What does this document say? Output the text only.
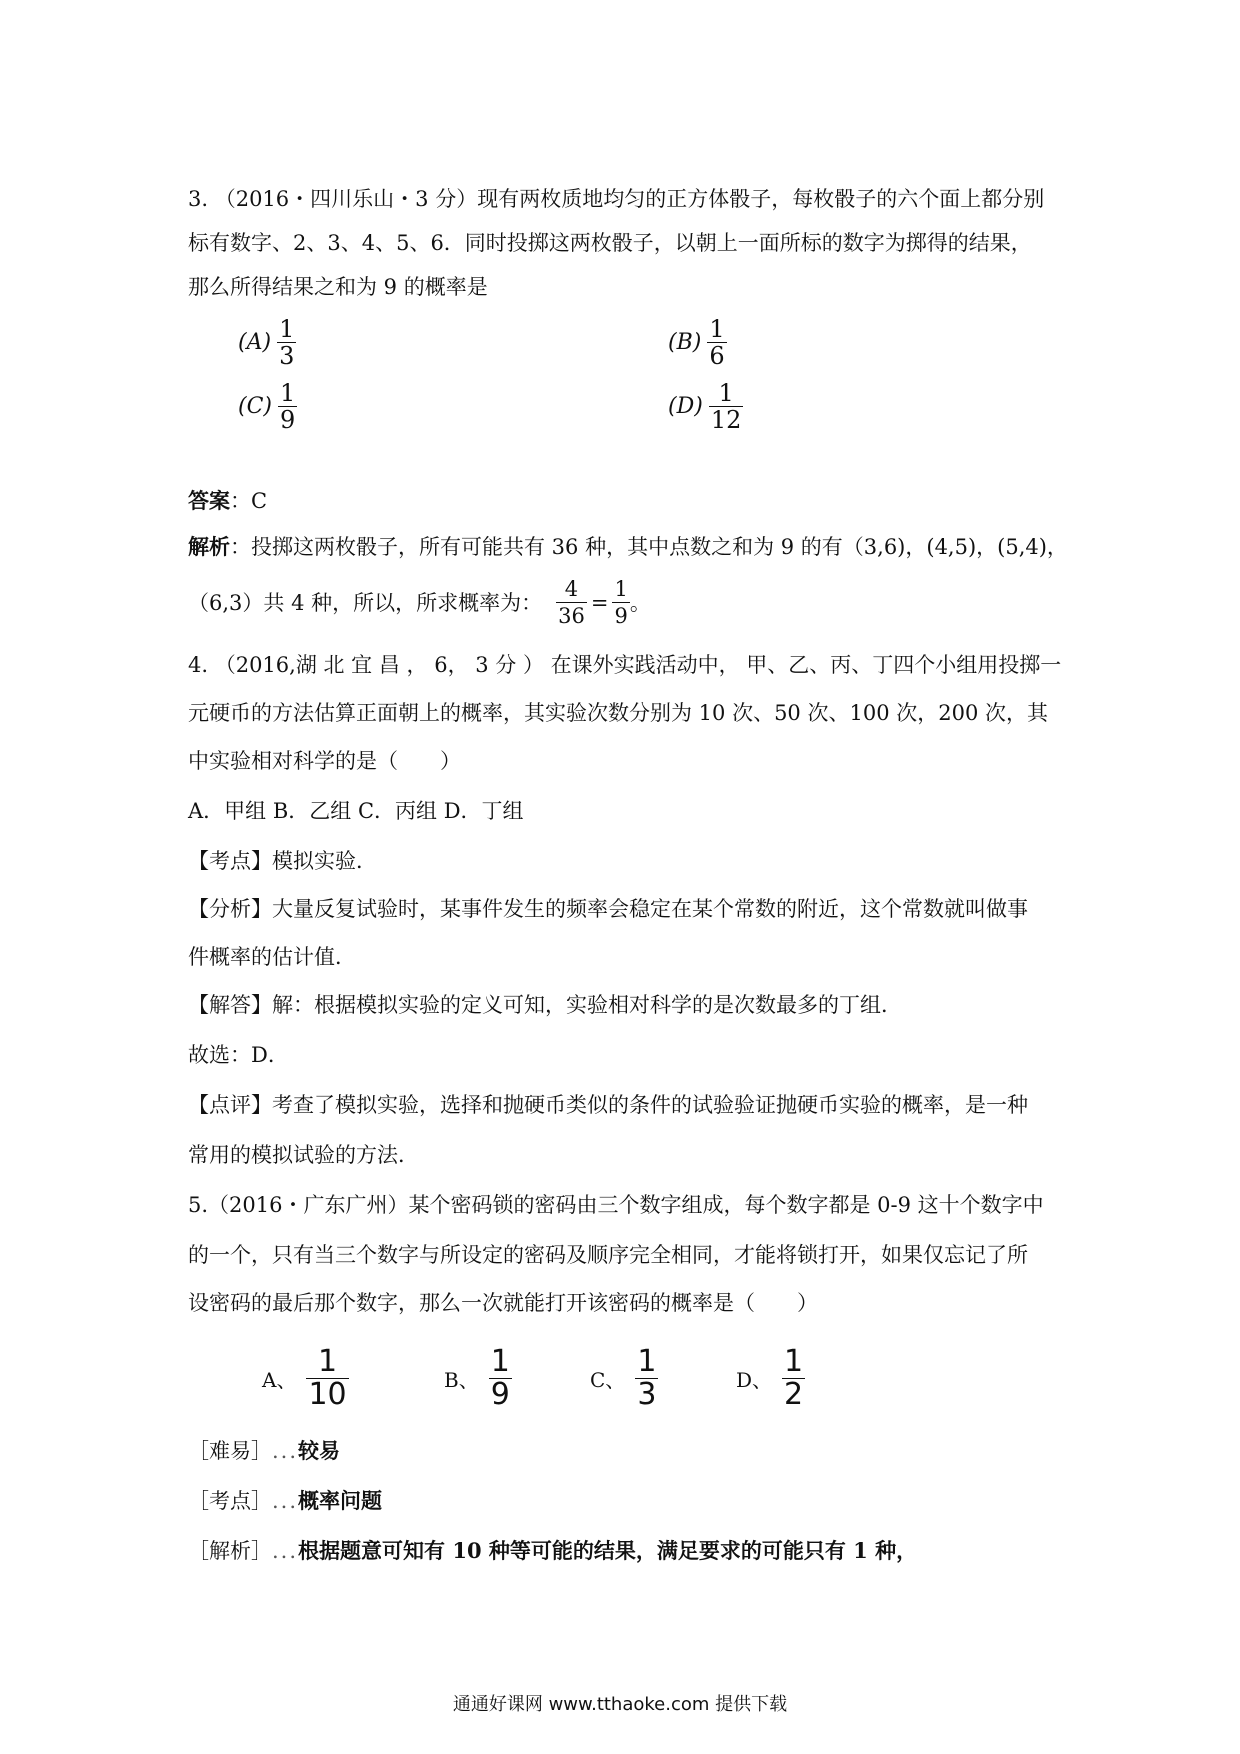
3. （2016・四川乐山・3 分）现有两枚质地均匀的正方体骰子，每枚骰子的六个面上都分别
标有数字、2、3、4、5、6．同时投掷这两枚骰子，以朝上一面所标的数字为掷得的结果，
那么所得结果之和为 9 的概率是
$(A) \frac{1}{3}$	$(B) \frac{1}{6}$
$(C) \frac{1}{9}$	$(D) \frac{1}{12}$
答案：C
解析：投掷这两枚骰子，所有可能共有 36 种，其中点数之和为 9 的有（3,6)，(4,5)，(5,4)，
（6,3）共 4 种，所以，所求概率为： $\frac{4}{36} = \frac{1}{9}$ 。
4. （2016,湖 北 宜 昌 ， 6， 3 分 ） 在课外实践活动中， 甲、乙、丙、丁四个小组用投掷一
元硬币的方法估算正面朝上的概率，其实验次数分别为 10 次、50 次、100 次，200 次，其
中实验相对科学的是（　　）
A．甲组 B．乙组 C．丙组 D．丁组
【考点】模拟实验．
【分析】大量反复试验时，某事件发生的频率会稳定在某个常数的附近，这个常数就叫做事
件概率的估计值．
【解答】解：根据模拟实验的定义可知，实验相对科学的是次数最多的丁组．
故选：D．
【点评】考查了模拟实验，选择和抛硬币类似的条件的试验验证抛硬币实验的概率，是一种
常用的模拟试验的方法．
5.（2016・广东广州）某个密码锁的密码由三个数字组成，每个数字都是 0-9 这十个数字中
的一个，只有当三个数字与所设定的密码及顺序完全相同，才能将锁打开，如果仅忘记了所
设密码的最后那个数字，那么一次就能打开该密码的概率是（　　）
A、 $\frac{1}{10}$	B、 $\frac{1}{9}$	C、 $\frac{1}{3}$	D、 $\frac{1}{2}$
［难易］...较易
［考点］...概率问题
［解析］...根据题意可知有 10 种等可能的结果，满足要求的可能只有 1 种，
通通好课网 www.tthaoke.com 提供下载
